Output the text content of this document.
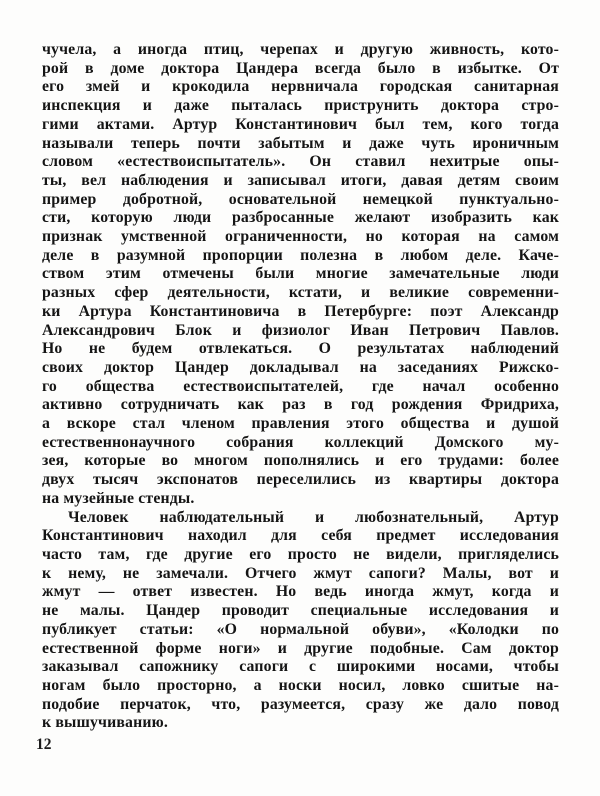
чучела, а иногда птиц, черепах и другую живность, кото-
рой в доме доктора Цандера всегда было в избытке. От
его змей и крокодила нервничала городская санитарная
инспекция и даже пыталась приструнить доктора стро-
гими актами. Артур Константинович был тем, кого тогда
называли теперь почти забытым и даже чуть ироничным
словом «естествоиспытатель». Он ставил нехитрые опы-
ты, вел наблюдения и записывал итоги, давая детям своим
пример добротной, основательной немецкой пунктуально-
сти, которую люди разбросанные желают изобразить как
признак умственной ограниченности, но которая на самом
деле в разумной пропорции полезна в любом деле. Каче-
ством этим отмечены были многие замечательные люди
разных сфер деятельности, кстати, и великие современни-
ки Артура Константиновича в Петербурге: поэт Александр
Александрович Блок и физиолог Иван Петрович Павлов.
Но не будем отвлекаться. О результатах наблюдений
своих доктор Цандер докладывал на заседаниях Рижско-
го общества естествоиспытателей, где начал особенно
активно сотрудничать как раз в год рождения Фридриха,
а вскоре стал членом правления этого общества и душой
естественнонаучного собрания коллекций Домского му-
зея, которые во многом пополнялись и его трудами: более
двух тысяч экспонатов переселились из квартиры доктора
на музейные стенды.
Человек наблюдательный и любознательный, Артур
Константинович находил для себя предмет исследования
часто там, где другие его просто не видели, пригляделись
к нему, не замечали. Отчего жмут сапоги? Малы, вот и
жмут — ответ известен. Но ведь иногда жмут, когда и
не малы. Цандер проводит специальные исследования и
публикует статьи: «О нормальной обуви», «Колодки по
естественной форме ноги» и другие подобные. Сам доктор
заказывал сапожнику сапоги с широкими носами, чтобы
ногам было просторно, а носки носил, ловко сшитые на-
подобие перчаток, что, разумеется, сразу же дало повод
к вышучиванию.
12
